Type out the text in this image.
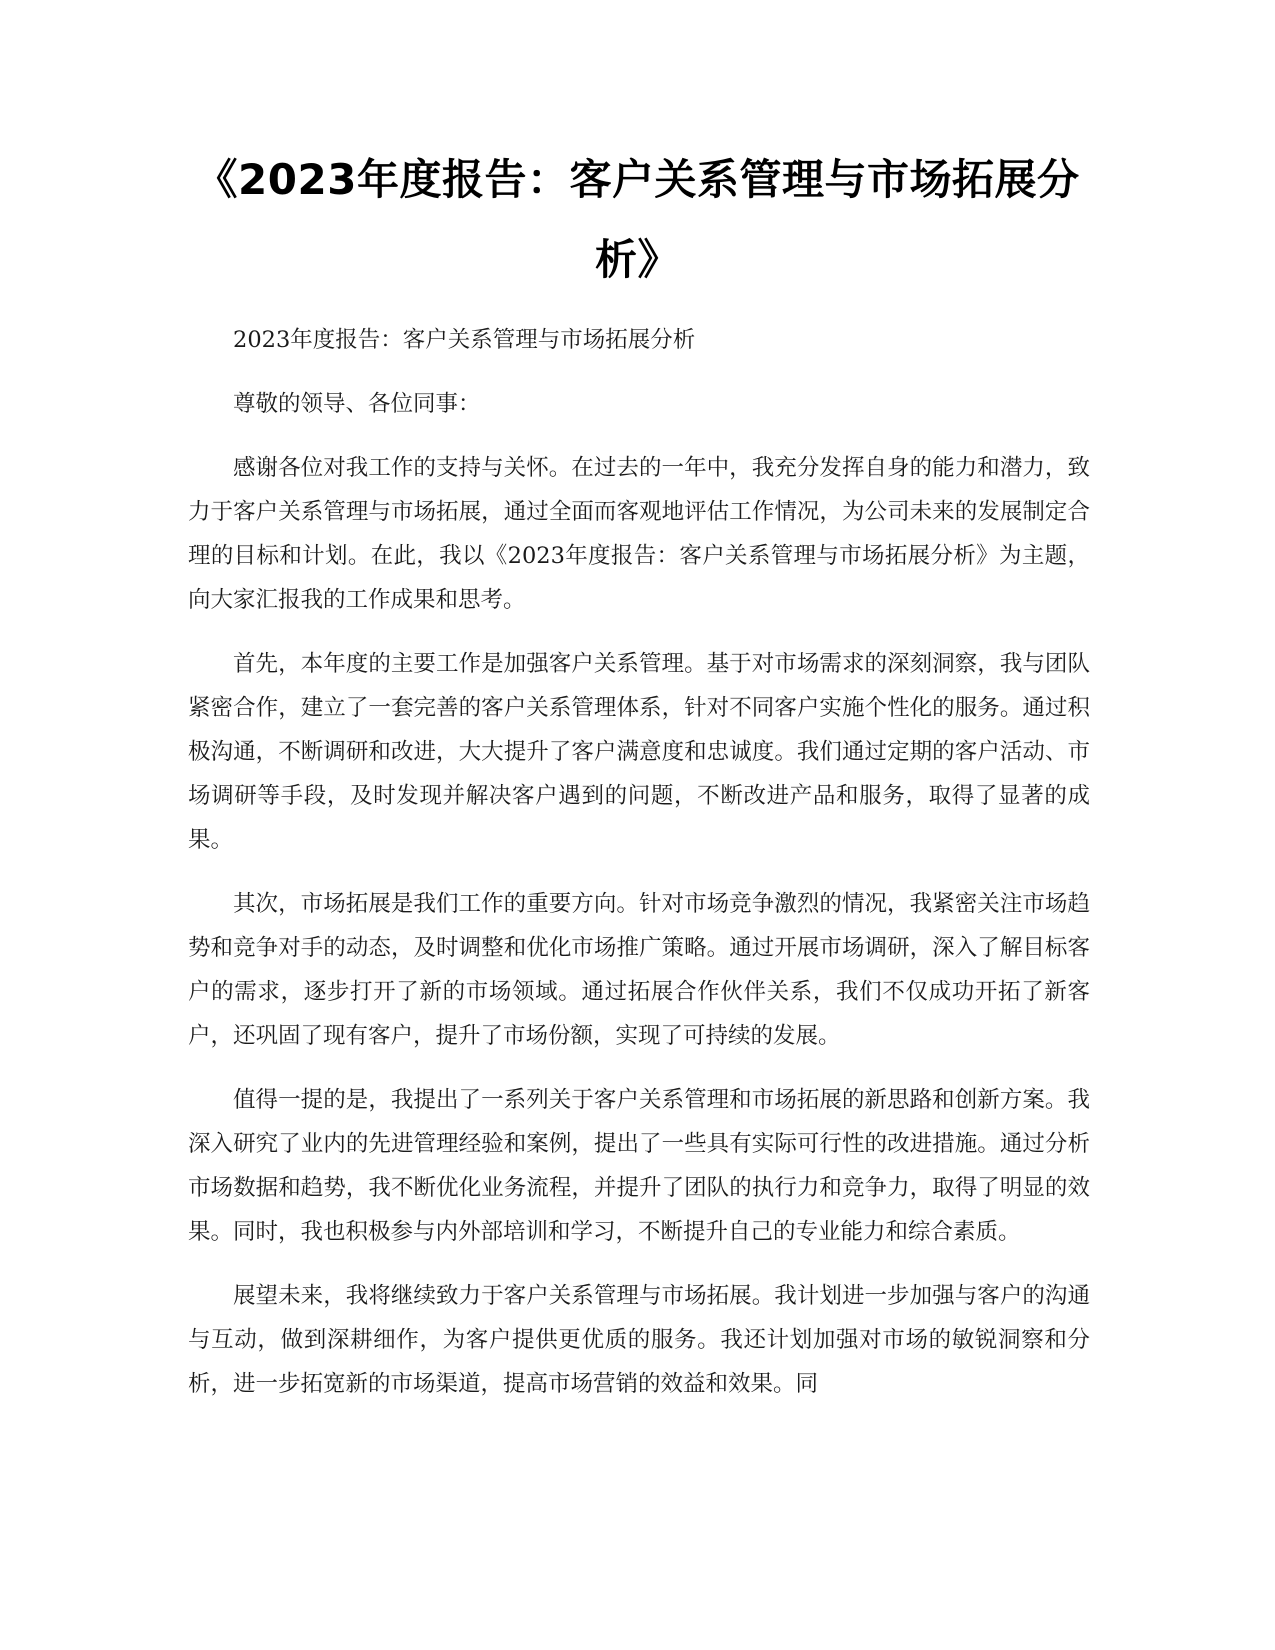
《2023年度报告：客户关系管理与市场拓展分析》

2023年度报告：客户关系管理与市场拓展分析

尊敬的领导、各位同事：

感谢各位对我工作的支持与关怀。在过去的一年中，我充分发挥自身的能力和潜力，致力于客户关系管理与市场拓展，通过全面而客观地评估工作情况，为公司未来的发展制定合理的目标和计划。在此，我以《2023年度报告：客户关系管理与市场拓展分析》为主题，向大家汇报我的工作成果和思考。

首先，本年度的主要工作是加强客户关系管理。基于对市场需求的深刻洞察，我与团队紧密合作，建立了一套完善的客户关系管理体系，针对不同客户实施个性化的服务。通过积极沟通，不断调研和改进，大大提升了客户满意度和忠诚度。我们通过定期的客户活动、市场调研等手段，及时发现并解决客户遇到的问题，不断改进产品和服务，取得了显著的成果。

其次，市场拓展是我们工作的重要方向。针对市场竞争激烈的情况，我紧密关注市场趋势和竞争对手的动态，及时调整和优化市场推广策略。通过开展市场调研，深入了解目标客户的需求，逐步打开了新的市场领域。通过拓展合作伙伴关系，我们不仅成功开拓了新客户，还巩固了现有客户，提升了市场份额，实现了可持续的发展。

值得一提的是，我提出了一系列关于客户关系管理和市场拓展的新思路和创新方案。我深入研究了业内的先进管理经验和案例，提出了一些具有实际可行性的改进措施。通过分析市场数据和趋势，我不断优化业务流程，并提升了团队的执行力和竞争力，取得了明显的效果。同时，我也积极参与内外部培训和学习，不断提升自己的专业能力和综合素质。

展望未来，我将继续致力于客户关系管理与市场拓展。我计划进一步加强与客户的沟通与互动，做到深耕细作，为客户提供更优质的服务。我还计划加强对市场的敏锐洞察和分析，进一步拓宽新的市场渠道，提高市场营销的效益和效果。同
